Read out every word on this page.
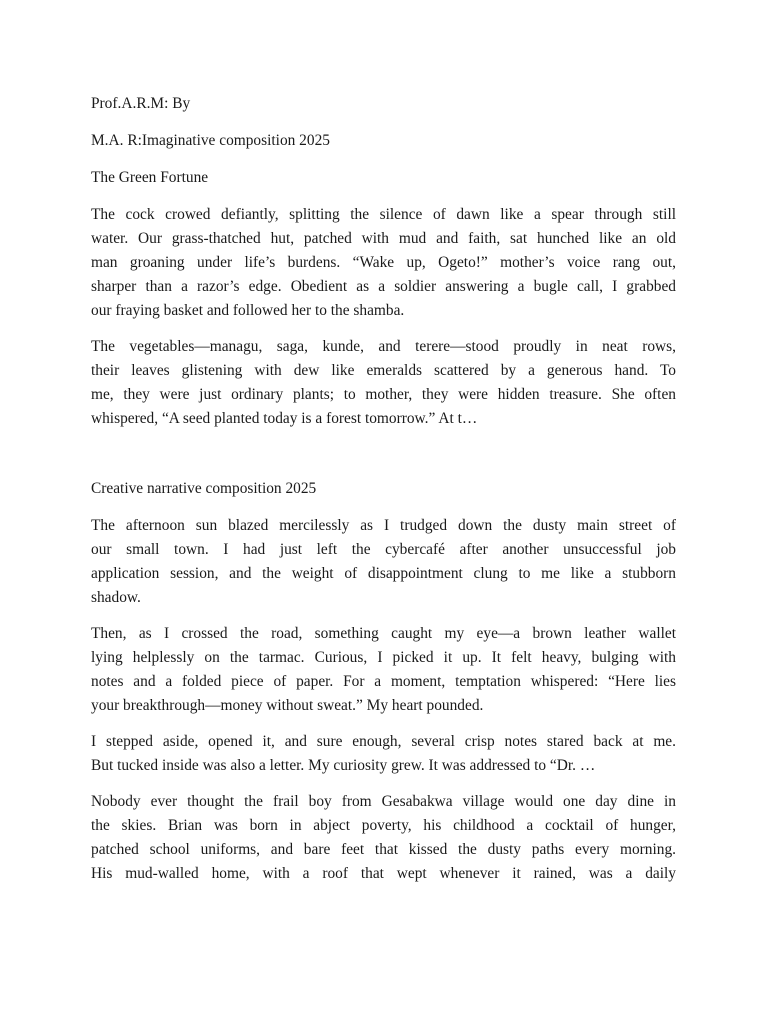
Prof.A.R.M: By

M.A. R:Imaginative composition 2025

The Green Fortune

The cock crowed defiantly, splitting the silence of dawn like a spear through still
water. Our grass-thatched hut, patched with mud and faith, sat hunched like an old
man groaning under life’s burdens. “Wake up, Ogeto!” mother’s voice rang out,
sharper than a razor’s edge. Obedient as a soldier answering a bugle call, I grabbed
our fraying basket and followed her to the shamba.
The vegetables—managu, saga, kunde, and terere—stood proudly in neat rows,
their leaves glistening with dew like emeralds scattered by a generous hand. To
me, they were just ordinary plants; to mother, they were hidden treasure. She often
whispered, “A seed planted today is a forest tomorrow.” At t…

Creative narrative composition 2025

The afternoon sun blazed mercilessly as I trudged down the dusty main street of
our small town. I had just left the cybercafé after another unsuccessful job
application session, and the weight of disappointment clung to me like a stubborn
shadow.
Then, as I crossed the road, something caught my eye—a brown leather wallet
lying helplessly on the tarmac. Curious, I picked it up. It felt heavy, bulging with
notes and a folded piece of paper. For a moment, temptation whispered: “Here lies
your breakthrough—money without sweat.” My heart pounded.
I stepped aside, opened it, and sure enough, several crisp notes stared back at me.
But tucked inside was also a letter. My curiosity grew. It was addressed to “Dr. …
Nobody ever thought the frail boy from Gesabakwa village would one day dine in
the skies. Brian was born in abject poverty, his childhood a cocktail of hunger,
patched school uniforms, and bare feet that kissed the dusty paths every morning.
His mud-walled home, with a roof that wept whenever it rained, was a daily
